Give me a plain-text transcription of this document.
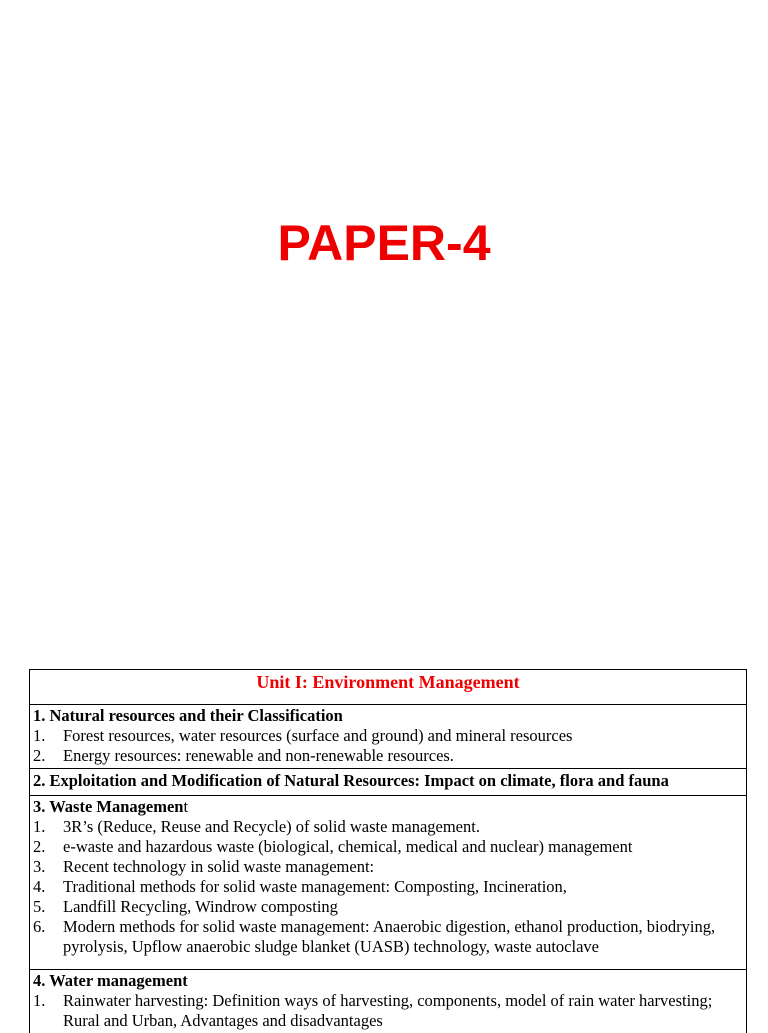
PAPER-4
Unit I: Environment Management
1. Natural resources and their Classification
1.	Forest resources, water resources (surface and ground) and mineral resources
2.	Energy resources: renewable and non-renewable resources.
2. Exploitation and Modification of Natural Resources: Impact on climate, flora and fauna
3. Waste Management
1.	3R’s (Reduce, Reuse and Recycle) of solid waste management.
2.	e-waste and hazardous waste (biological, chemical, medical and nuclear) management
3.	Recent technology in solid waste management:
4.	Traditional methods for solid waste management: Composting, Incineration,
5.	Landfill Recycling, Windrow composting
6.	Modern methods for solid waste management: Anaerobic digestion, ethanol production, biodrying, pyrolysis, Upflow anaerobic sludge blanket (UASB) technology, waste autoclave
4. Water management
1.	Rainwater harvesting: Definition ways of harvesting, components, model of rain water harvesting; Rural and Urban, Advantages and disadvantages
